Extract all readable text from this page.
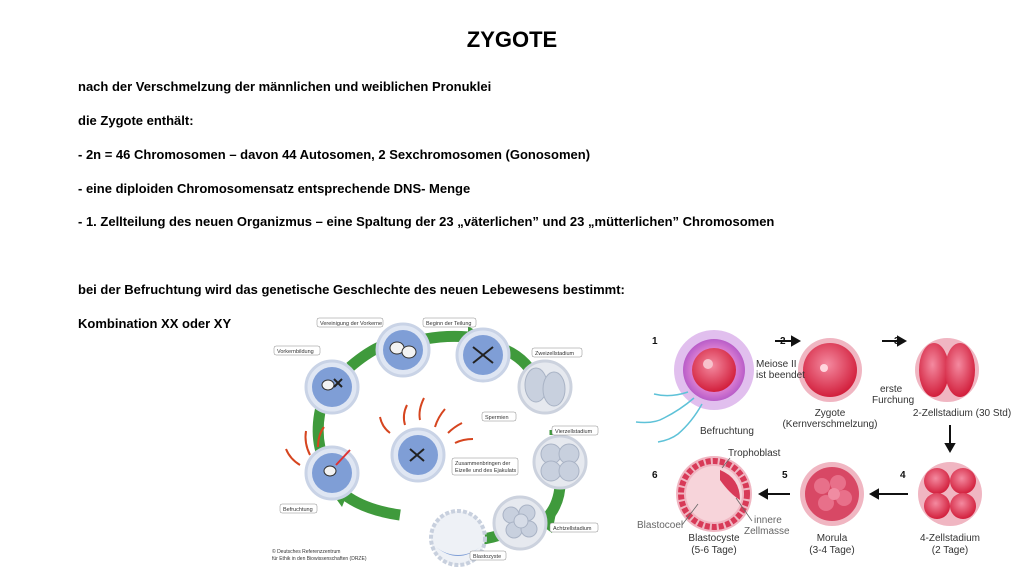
ZYGOTE
nach der Verschmelzung der männlichen und weiblichen Pronuklei
die Zygote enthält:
- 2n = 46 Chromosomen – davon 44 Autosomen, 2 Sexchromosomen (Gonosomen)
- eine diploiden Chromosomensatz entsprechende DNS- Menge
- 1. Zellteilung des neuen Organizmus – eine Spaltung der 23 „väterlichen” und 23 „mütterlichen” Chromosomen
bei der Befruchtung wird das genetische Geschlechte des neuen Lebewesens bestimmt:
Kombination XX oder XY	Vereinigung der Vorkerne	Beginn der Teilung
Vorkernbildung	Zweizellstadium
Spermien
Vierzellstadium
Zusammenbringen der
Eizelle und des Ejakulats
Befruchtung
Achtzellstadium
Blastozyste
© Deutsches Referenzzentrum
für Ethik in den Biowissenschaften (DRZE)
1	2	3
4
5
6
Befruchtung
Meiose II
ist beendet
Zygote
(Kernverschmelzung)
erste
Furchung
2-Zellstadium (30 Std)
Trophoblast
Blastocoel	innere
Zellmasse
Blastocyste
(5-6 Tage)
Morula
(3-4 Tage)
4-Zellstadium
(2 Tage)
